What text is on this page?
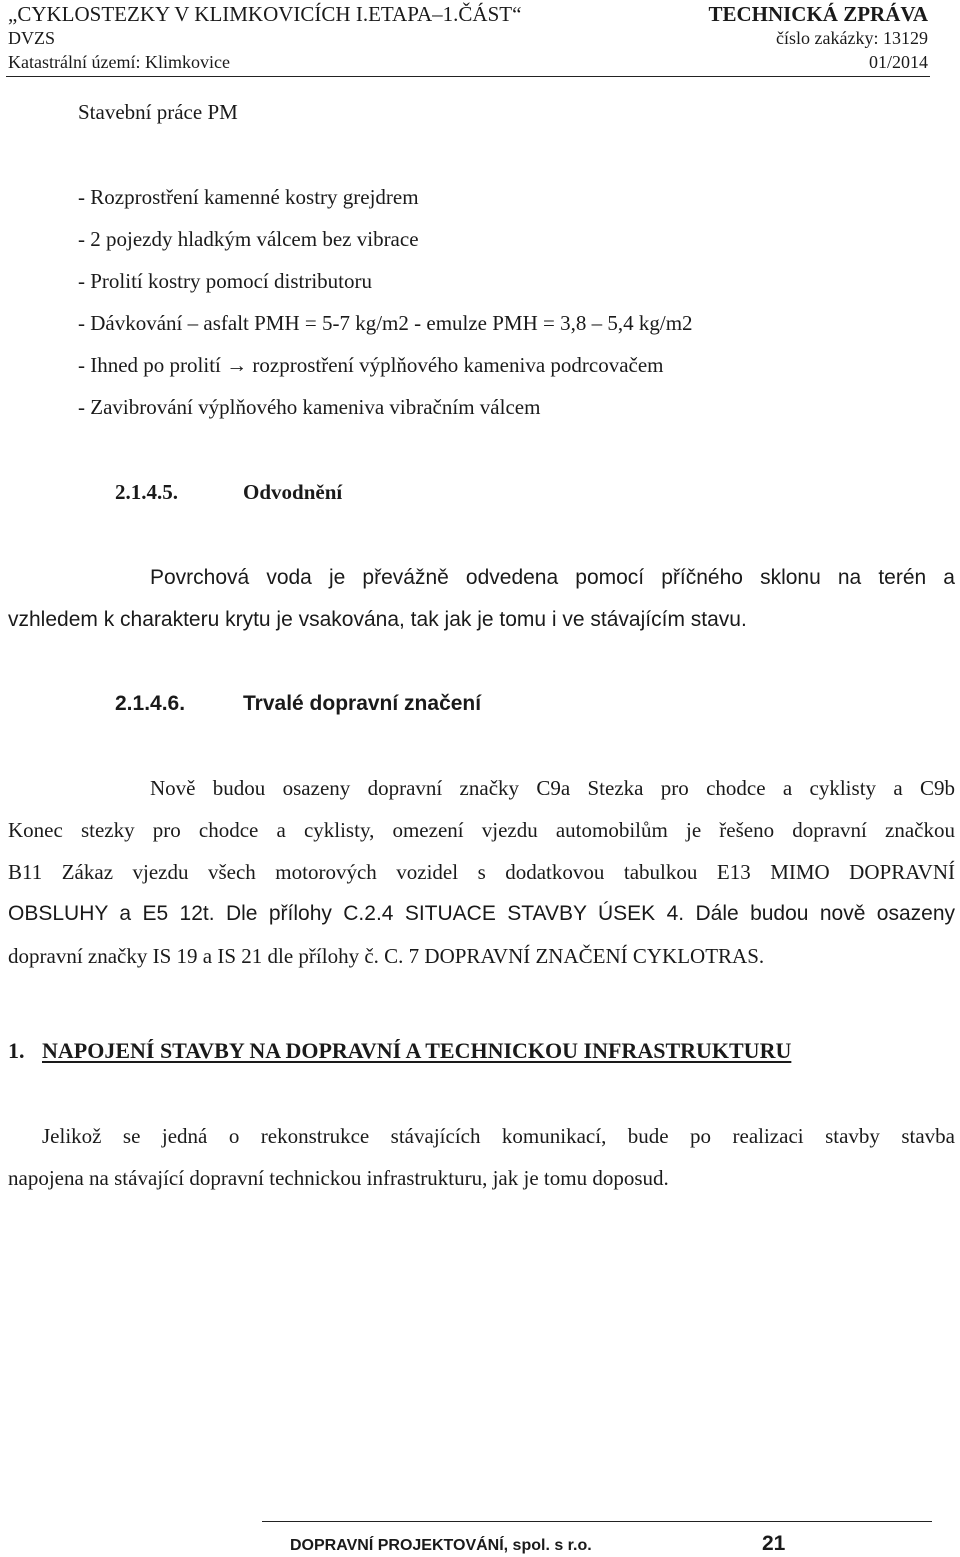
„CYKLOSTEZKY V KLIMKOVICÍCH I.ETAPA–1.ČÁST“	TECHNICKÁ ZPRÁVA
DVZS	číslo zakázky: 13129
Katastrální území: Klimkovice	01/2014
Stavební práce PM
- Rozprostření kamenné kostry grejdrem
- 2 pojezdy hladkým válcem bez vibrace
- Prolití kostry pomocí distributoru
- Dávkování – asfalt PMH = 5-7 kg/m2 - emulze PMH = 3,8 – 5,4 kg/m2
- Ihned po prolití → rozprostření výplňového kameniva podrcovačem
- Zavibrování výplňového kameniva vibračním válcem
2.1.4.5.	Odvodnění
Povrchová voda je převážně odvedena pomocí příčného sklonu na terén a
vzhledem k charakteru krytu je vsakována, tak jak je tomu i ve stávajícím stavu.
2.1.4.6.	Trvalé dopravní značení
Nově budou osazeny dopravní značky C9a Stezka pro chodce a cyklisty a C9b
Konec stezky pro chodce a cyklisty, omezení vjezdu automobilům je řešeno dopravní značkou
B11 Zákaz vjezdu všech motorových vozidel s dodatkovou tabulkou E13 MIMO DOPRAVNÍ
OBSLUHY a E5 12t. Dle přílohy C.2.4 SITUACE STAVBY ÚSEK 4. Dále budou nově osazeny
dopravní značky IS 19 a IS 21 dle přílohy č. C. 7 DOPRAVNÍ ZNAČENÍ CYKLOTRAS.
1. NAPOJENÍ STAVBY NA DOPRAVNÍ A TECHNICKOU INFRASTRUKTURU
Jelikož se jedná o rekonstrukce stávajících komunikací, bude po realizaci stavby stavba
napojena na stávající dopravní technickou infrastrukturu, jak je tomu doposud.
DOPRAVNÍ PROJEKTOVÁNÍ, spol. s r.o.	21
